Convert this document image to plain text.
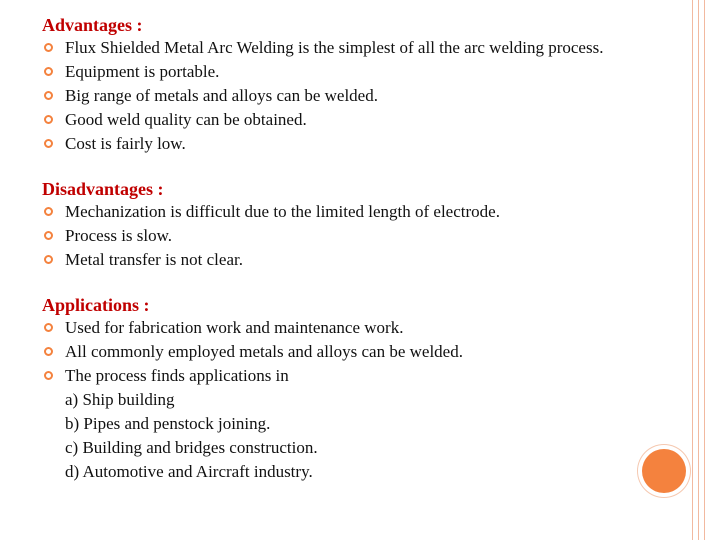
Advantages :
Flux Shielded Metal Arc Welding is the simplest of all the arc welding process.
Equipment is portable.
Big range of metals and alloys can be welded.
Good weld quality can be obtained.
Cost is fairly low.
Disadvantages :
Mechanization is difficult due to the limited length of electrode.
Process is slow.
Metal transfer is not clear.
Applications :
Used for fabrication work and maintenance work.
All commonly employed metals and alloys can be welded.
The process finds applications in
a) Ship building
b) Pipes and penstock joining.
c) Building and bridges construction.
d) Automotive and Aircraft industry.
